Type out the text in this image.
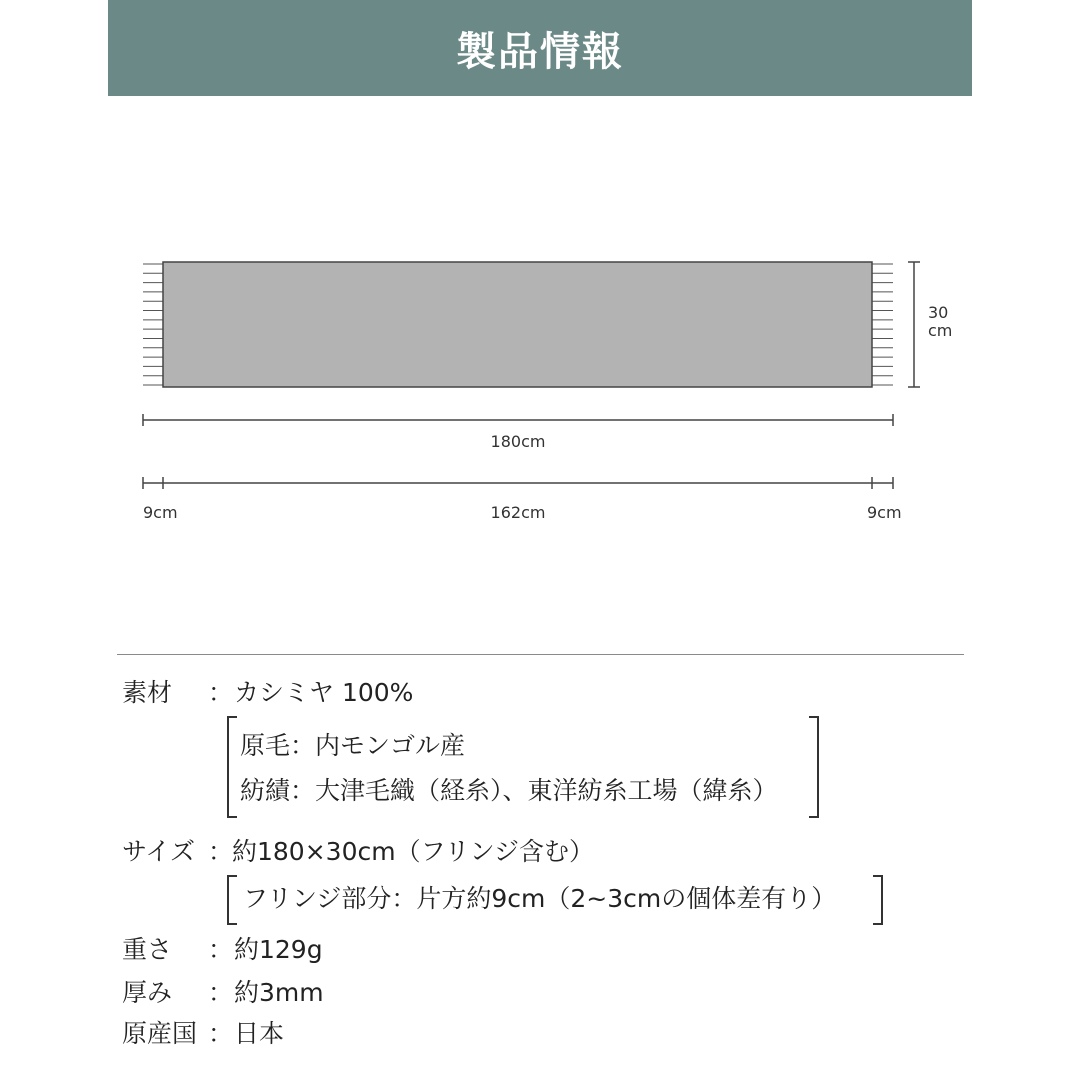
製品情報
30
cm
180cm
9cm	162cm	9cm
素材 ： カシミヤ 100%
原毛：内モンゴル産
紡績：大津毛織（経糸）、東洋紡糸工場（緯糸）
サイズ ：
約180×30cm（フリンジ含む）
フリンジ部分：片方約9cm（2~3cmの個体差有り）
重さ ： 約129g
厚み ： 約3mm
原産国 ： 日本
